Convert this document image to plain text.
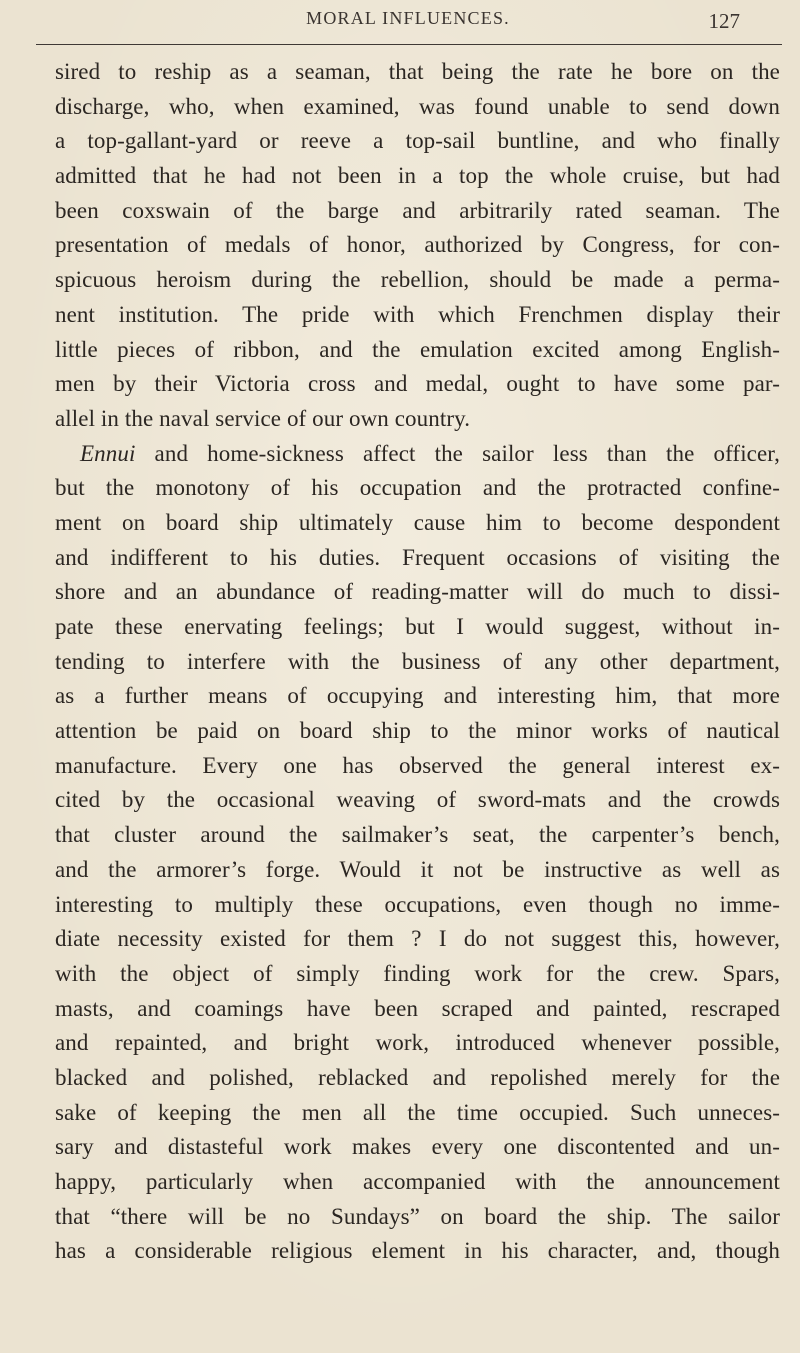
MORAL INFLUENCES.	127
sired to reship as a seaman, that being the rate he bore on the
discharge, who, when examined, was found unable to send down
a top-gallant-yard or reeve a top-sail buntline, and who finally
admitted that he had not been in a top the whole cruise, but had
been coxswain of the barge and arbitrarily rated seaman. The
presentation of medals of honor, authorized by Congress, for con-
spicuous heroism during the rebellion, should be made a perma-
nent institution. The pride with which Frenchmen display their
little pieces of ribbon, and the emulation excited among English-
men by their Victoria cross and medal, ought to have some par-
allel in the naval service of our own country.
Ennui and home-sickness affect the sailor less than the officer,
but the monotony of his occupation and the protracted confine-
ment on board ship ultimately cause him to become despondent
and indifferent to his duties. Frequent occasions of visiting the
shore and an abundance of reading-matter will do much to dissi-
pate these enervating feelings; but I would suggest, without in-
tending to interfere with the business of any other department,
as a further means of occupying and interesting him, that more
attention be paid on board ship to the minor works of nautical
manufacture. Every one has observed the general interest ex-
cited by the occasional weaving of sword-mats and the crowds
that cluster around the sailmaker’s seat, the carpenter’s bench,
and the armorer’s forge. Would it not be instructive as well as
interesting to multiply these occupations, even though no imme-
diate necessity existed for them ? I do not suggest this, however,
with the object of simply finding work for the crew. Spars,
masts, and coamings have been scraped and painted, rescraped
and repainted, and bright work, introduced whenever possible,
blacked and polished, reblacked and repolished merely for the
sake of keeping the men all the time occupied. Such unneces-
sary and distasteful work makes every one discontented and un-
happy, particularly when accompanied with the announcement
that “there will be no Sundays” on board the ship. The sailor
has a considerable religious element in his character, and, though
